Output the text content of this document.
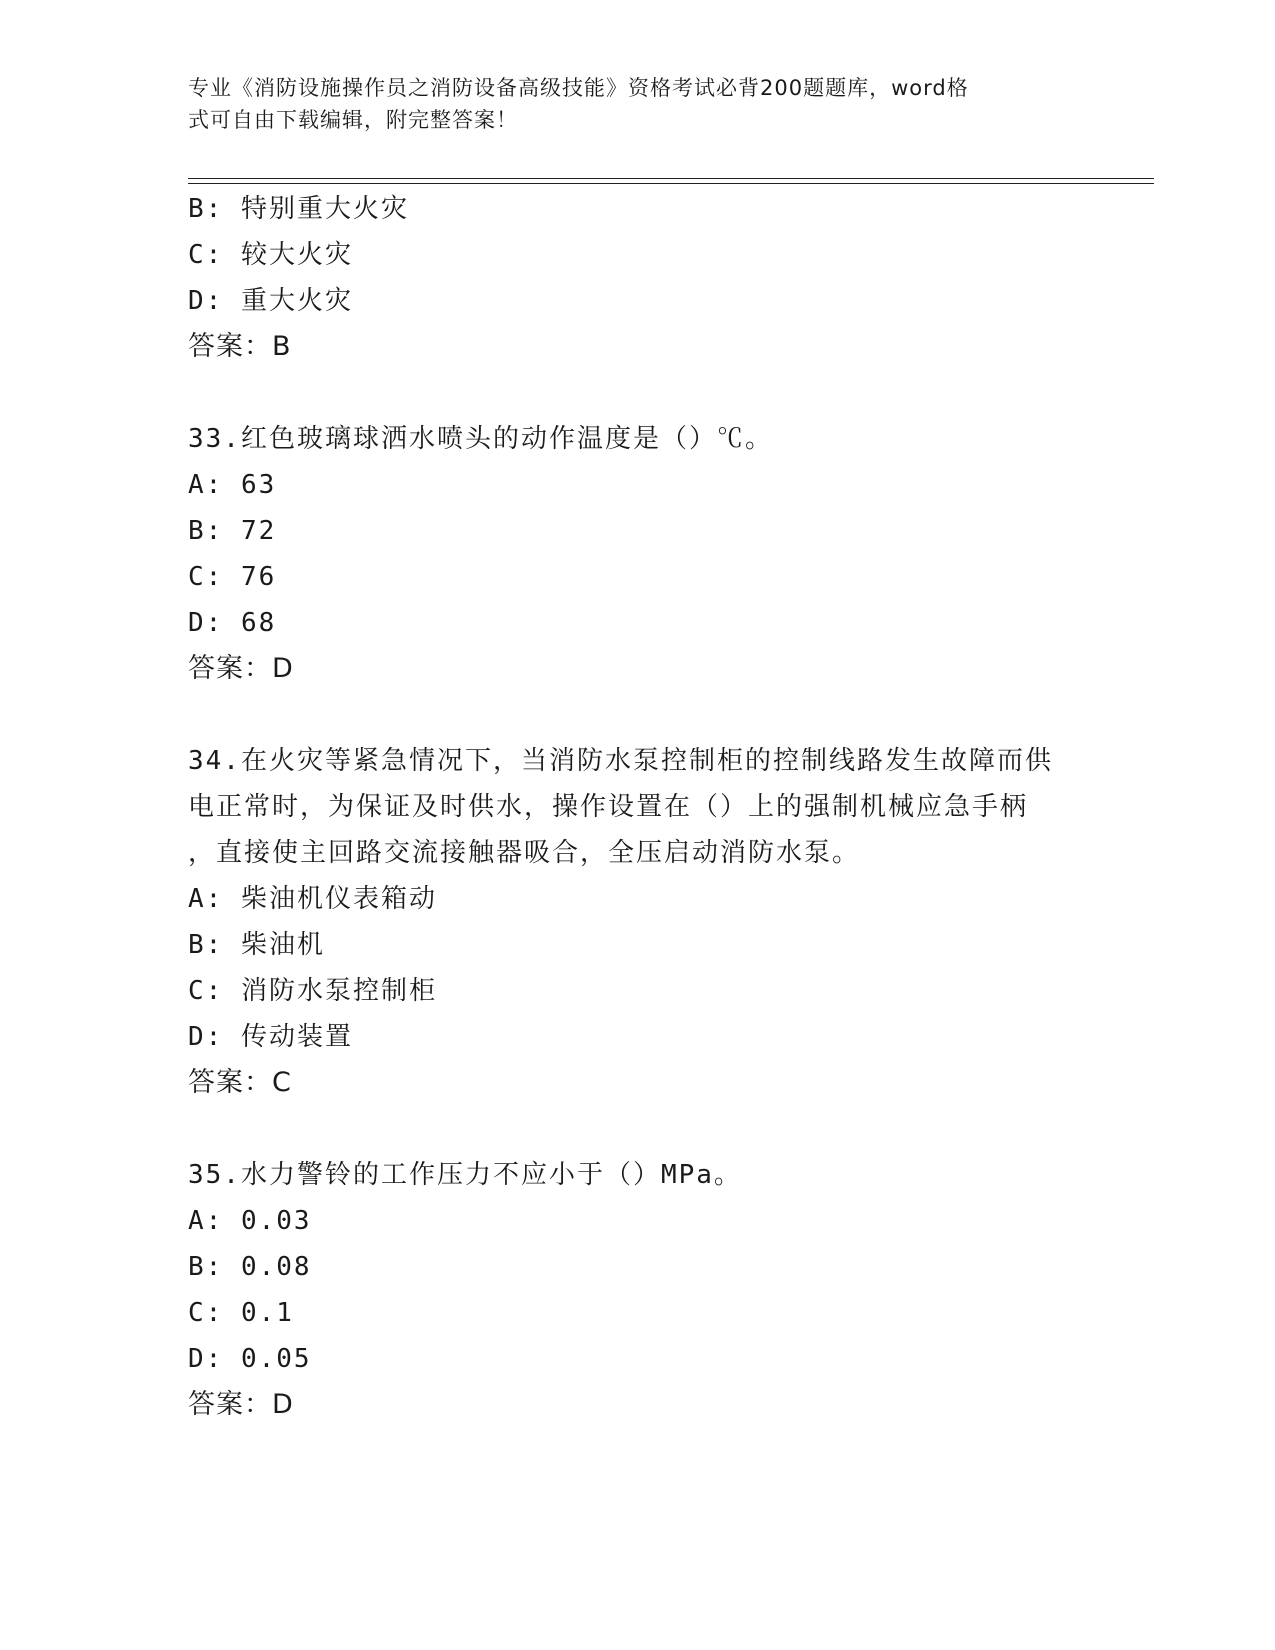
专业《消防设施操作员之消防设备高级技能》资格考试必背200题题库，word格
式可自由下载编辑，附完整答案！
B: 特别重大火灾
C: 较大火灾
D: 重大火灾
答案：B
33.红色玻璃球洒水喷头的动作温度是（）℃。
A: 63
B: 72
C: 76
D: 68
答案：D
34.在火灾等紧急情况下，当消防水泵控制柜的控制线路发生故障而供
电正常时，为保证及时供水，操作设置在（）上的强制机械应急手柄
，直接使主回路交流接触器吸合，全压启动消防水泵。
A: 柴油机仪表箱动
B: 柴油机
C: 消防水泵控制柜
D: 传动装置
答案：C
35.水力警铃的工作压力不应小于（）MPa。
A: 0.03
B: 0.08
C: 0.1
D: 0.05
答案：D
